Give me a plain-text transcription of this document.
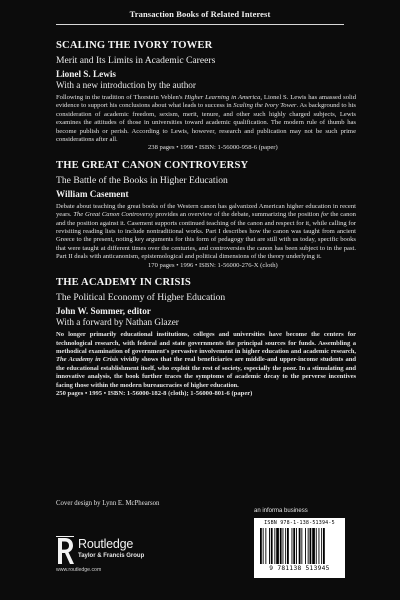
Transaction Books of Related Interest
SCALING THE IVORY TOWER
Merit and Its Limits in Academic Careers
Lionel S. Lewis
With a new introduction by the author
Following in the tradition of Thorstein Veblen's Higher Learning in America, Lionel S. Lewis has amassed solid evidence to support his conclusions about what leads to success in Scaling the Ivory Tower. As background to his consideration of academic freedom, sexism, merit, tenure, and other such highly charged subjects, Lewis examines the attitudes of those in universities toward academic qualification. The modern rule of thumb has become publish or perish. According to Lewis, however, research and publication may not be such prime considerations after all.
238 pages • 1998 • ISBN: 1-56000-958-6 (paper)
THE GREAT CANON CONTROVERSY
The Battle of the Books in Higher Education
William Casement
Debate about teaching the great books of the Western canon has galvanized American higher education in recent years. The Great Canon Controversy provides an overview of the debate, summarizing the position for the canon and the position against it. Casement supports continued teaching of the canon and respect for it, while calling for revisiting reading lists to include nontraditional works. Part I describes how the canon was taught from ancient Greece to the present, noting key arguments for this form of pedagogy that are still with us today, specific books that were taught at different times over the centuries, and controversies the canon has been subject to in the past. Part II deals with anticanonism, epistemological and political dimensions of the theory underlying it.
170 pages • 1996 • ISBN: 1-56000-276-X (cloth)
THE ACADEMY IN CRISIS
The Political Economy of Higher Education
John W. Sommer, editor
With a forward by Nathan Glazer
No longer primarily educational institutions, colleges and universities have become the centers for technological research, with federal and state governments the principal sources for funds. Assembling a methodical examination of government's pervasive involvement in higher education and academic research, The Academy in Crisis vividly shows that the real beneficiaries are middle-and upper-income students and the educational establishment itself, who exploit the rest of society, especially the poor. In a stimulating and innovative analysis, the book further traces the symptoms of academic decay to the perverse incentives facing those within the modern bureaucracies of higher education.
250 pages • 1995 • ISBN: 1-56000-182-8 (cloth); 1-56000-801-6 (paper)
Cover design by Lynn E. McPhearson
Routledge
Taylor & Francis Group
www.routledge.com
an informa business
ISBN 978-1-138-51394-5
9 781138 513945
